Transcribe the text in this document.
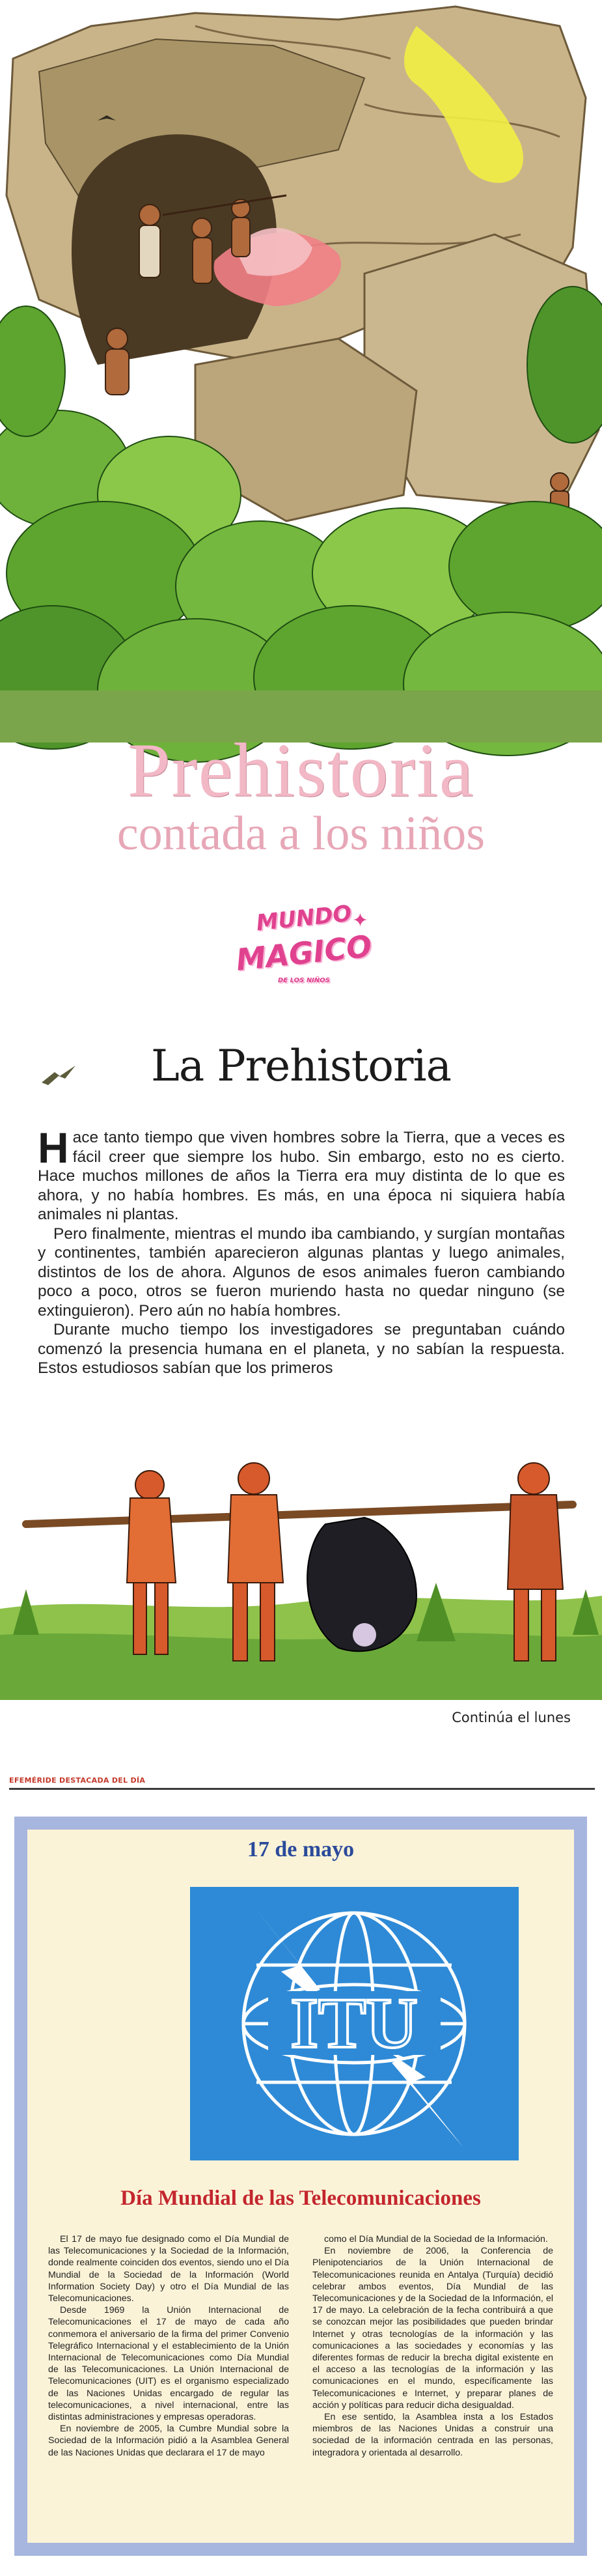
Prehistoria
contada a los niños
MUNDO
MAGICO
DE LOS NIÑOS
✦
La Prehistoria

Hace tanto tiempo que viven hombres sobre la Tierra, que a veces es fácil creer que siempre los hubo. Sin embargo, esto no es cierto. Hace muchos millones de años la Tierra era muy distinta de lo que es ahora, y no había hombres. Es más, en una época ni siquiera había animales ni plantas.

Pero finalmente, mientras el mundo iba cambiando, y surgían montañas y continentes, también aparecieron algunas plantas y luego animales, distintos de los de ahora. Algunos de esos animales fueron cambiando poco a poco, otros se fueron muriendo hasta no quedar ninguno (se extinguieron). Pero aún no había hombres.

Durante mucho tiempo los investigadores se preguntaban cuándo comenzó la presencia humana en el planeta, y no sabían la respuesta. Estos estudiosos sabían que los primeros

Continúa el lunes
EFEMÉRIDE DESTACADA DEL DÍA
17 de mayo
ITU
Día Mundial de las Telecomunicaciones

El 17 de mayo fue designado como el Día Mundial de las Telecomunicaciones y la Sociedad de la Información, donde realmente coinciden dos eventos, siendo uno el Día Mundial de la Sociedad de la Información (World Information Society Day) y otro el Día Mundial de las Telecomunicaciones.

Desde 1969 la Unión Internacional de Telecomunicaciones el 17 de mayo de cada año conmemora el aniversario de la firma del primer Convenio Telegráfico Internacional y el establecimiento de la Unión Internacional de Telecomunicaciones como Día Mundial de las Telecomunicaciones. La Unión Internacional de Telecomunicaciones (UIT) es el organismo especializado de las Naciones Unidas encargado de regular las telecomunicaciones, a nivel internacional, entre las distintas administraciones y empresas operadoras.

En noviembre de 2005, la Cumbre Mundial sobre la Sociedad de la Información pidió a la Asamblea General de las Naciones Unidas que declarara el 17 de mayo

como el Día Mundial de la Sociedad de la Información.

En noviembre de 2006, la Conferencia de Plenipotenciarios de la Unión Internacional de Telecomunicaciones reunida en Antalya (Turquía) decidió celebrar ambos eventos, Día Mundial de las Telecomunicaciones y de la Sociedad de la Información, el 17 de mayo. La celebración de la fecha contribuirá a que se conozcan mejor las posibilidades que pueden brindar Internet y otras tecnologías de la información y las comunicaciones a las sociedades y economías y las diferentes formas de reducir la brecha digital existente en el acceso a las tecnologías de la información y las comunicaciones en el mundo, específicamente las Telecomunicaciones e Internet, y preparar planes de acción y políticas para reducir dicha desigualdad.

En ese sentido, la Asamblea insta a los Estados miembros de las Naciones Unidas a construir una sociedad de la información centrada en las personas, integradora y orientada al desarrollo.
